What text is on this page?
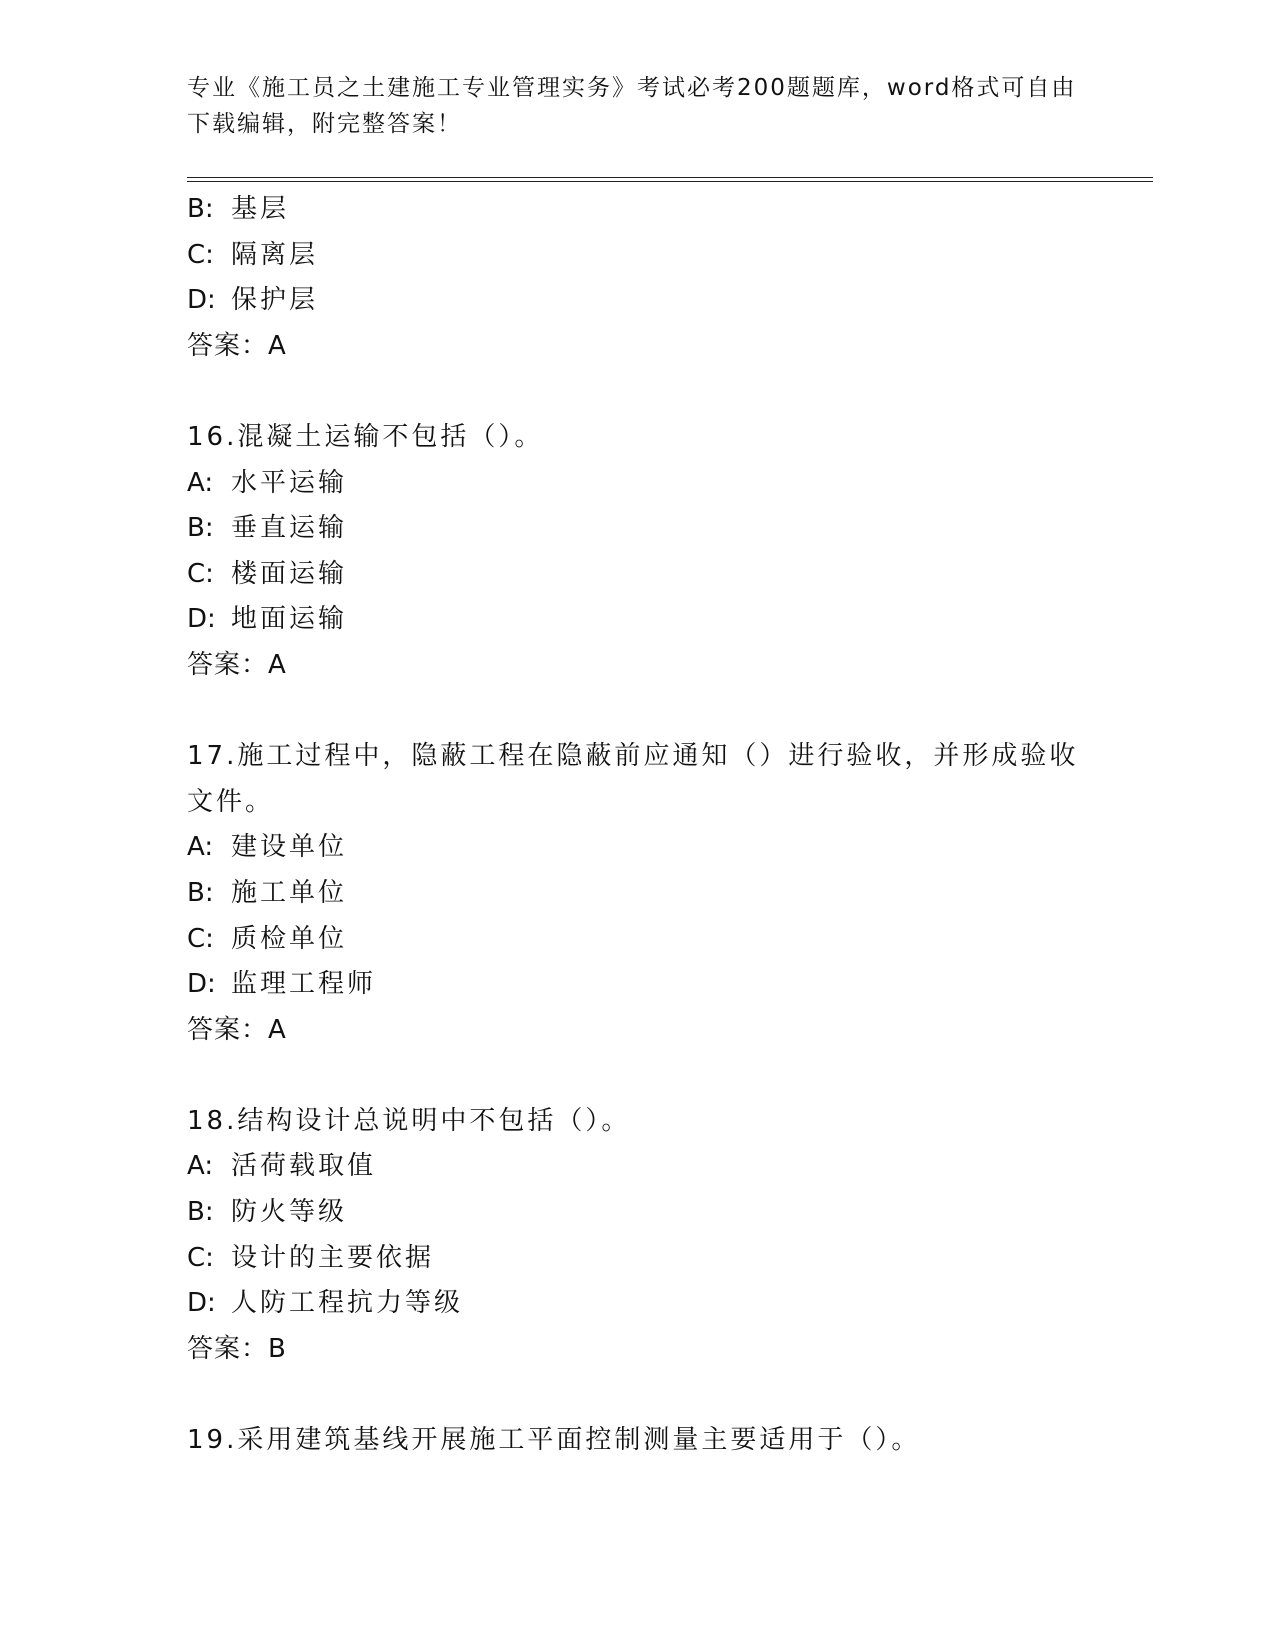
专业《施工员之土建施工专业管理实务》考试必考200题题库，word格式可自由下载编辑，附完整答案！
B: 基层
C: 隔离层
D: 保护层
答案：A
16.混凝土运输不包括（）。
A: 水平运输
B: 垂直运输
C: 楼面运输
D: 地面运输
答案：A
17.施工过程中，隐蔽工程在隐蔽前应通知（）进行验收，并形成验收文件。
A: 建设单位
B: 施工单位
C: 质检单位
D: 监理工程师
答案：A
18.结构设计总说明中不包括（）。
A: 活荷载取值
B: 防火等级
C: 设计的主要依据
D: 人防工程抗力等级
答案：B
19.采用建筑基线开展施工平面控制测量主要适用于（）。
